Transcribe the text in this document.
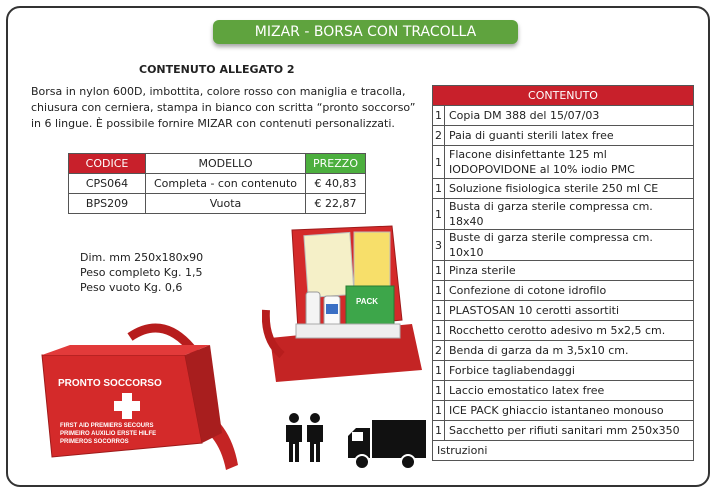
MIZAR - BORSA CON TRACOLLA
CONTENUTO ALLEGATO 2
Borsa in nylon 600D, imbottita, colore rosso con maniglia e tracolla,
chiusura con cerniera, stampa in bianco con scritta “pronto soccorso”
in 6 lingue. È possibile fornire MIZAR con contenuti personalizzati.
CODICE	MODELLO	PREZZO
CPS064	Completa - con contenuto	€ 40,83
BPS209	Vuota	€ 22,87
Dim. mm 250x180x90
Peso completo Kg. 1,5
Peso vuoto Kg. 0,6
PRONTO SOCCORSO
FIRST AID PREMIERS SECOURS
PRIMEIRO AUXILIO ERSTE HILFE
PRIMEROS SOCORROS
PACK
CONTENUTO	
1	Copia DM 388 del 15/07/03
2	Paia di guanti sterili latex free
1	Flacone disinfettante 125 ml
IODOPOVIDONE al 10% iodio PMC

1	Soluzione fisiologica sterile 250 ml CE
1	Busta di garza sterile compressa cm. 18x40
3	Buste di garza sterile compressa cm. 10x10
1	Pinza sterile
1	Confezione di cotone idrofilo
1	PLASTOSAN 10 cerotti assortiti
1	Rocchetto cerotto adesivo m 5x2,5 cm.
2	Benda di garza da m 3,5x10 cm.
1	Forbice tagliabendaggi
1	Laccio emostatico latex free
1	ICE PACK ghiaccio istantaneo monouso
1	Sacchetto per rifiuti sanitari mm 250x350
Istruzioni	
